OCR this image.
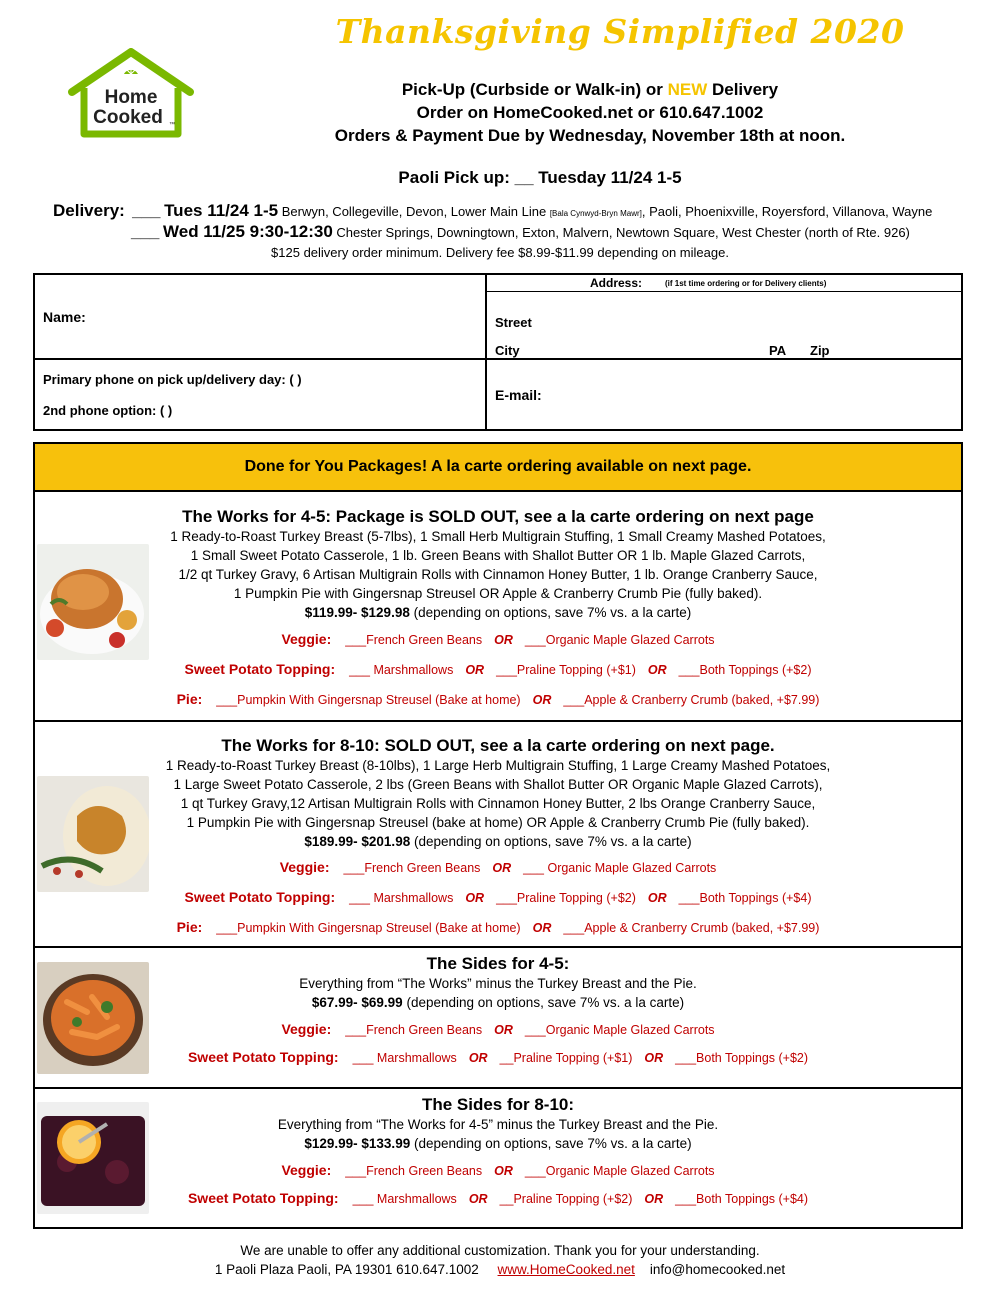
Thanksgiving Simplified 2020
Home
Cooked ™
Pick-Up (Curbside or Walk-in) or NEW Delivery
Order on HomeCooked.net or 610.647.1002
Orders & Payment Due by Wednesday, November 18th at noon.
Paoli Pick up: __ Tuesday 11/24 1-5
Delivery: ___ Tues 11/24 1-5 Berwyn, Collegeville, Devon, Lower Main Line [Bala Cynwyd-Bryn Mawr], Paoli, Phoenixville, Royersford, Villanova, Wayne
___ Wed 11/25 9:30-12:30 Chester Springs, Downingtown, Exton, Malvern, Newtown Square, West Chester (north of Rte. 926)
$125 delivery order minimum. Delivery fee $8.99-$11.99 depending on mileage.
Name:
Address:	(if 1st time ordering or for Delivery clients)
Street
City	PA Zip
Primary phone on pick up/delivery day: ( )
2nd phone option: ( )
E-mail:
Done for You Packages! A la carte ordering available on next page.
The Works for 4-5: Package is SOLD OUT, see a la carte ordering on next page
1 Ready-to-Roast Turkey Breast (5-7lbs), 1 Small Herb Multigrain Stuffing, 1 Small Creamy Mashed Potatoes,
1 Small Sweet Potato Casserole, 1 lb. Green Beans with Shallot Butter OR 1 lb. Maple Glazed Carrots,
1/2 qt Turkey Gravy, 6 Artisan Multigrain Rolls with Cinnamon Honey Butter, 1 lb. Orange Cranberry Sauce,
1 Pumpkin Pie with Gingersnap Streusel OR Apple & Cranberry Crumb Pie (fully baked).
$119.99- $129.98 (depending on options, save 7% vs. a la carte)
Veggie: ___French Green Beans OR ___Organic Maple Glazed Carrots
Sweet Potato Topping: ___ Marshmallows OR ___Praline Topping (+$1) OR ___Both Toppings (+$2)
Pie: ___Pumpkin With Gingersnap Streusel (Bake at home) OR ___Apple & Cranberry Crumb (baked, +$7.99)
The Works for 8-10: SOLD OUT, see a la carte ordering on next page.
1 Ready-to-Roast Turkey Breast (8-10lbs), 1 Large Herb Multigrain Stuffing, 1 Large Creamy Mashed Potatoes,
1 Large Sweet Potato Casserole, 2 lbs (Green Beans with Shallot Butter OR Organic Maple Glazed Carrots),
1 qt Turkey Gravy,12 Artisan Multigrain Rolls with Cinnamon Honey Butter, 2 lbs Orange Cranberry Sauce,
1 Pumpkin Pie with Gingersnap Streusel (bake at home) OR Apple & Cranberry Crumb Pie (fully baked).
$189.99- $201.98 (depending on options, save 7% vs. a la carte)
Veggie: ___French Green Beans OR ___ Organic Maple Glazed Carrots
Sweet Potato Topping: ___ Marshmallows OR ___Praline Topping (+$2) OR ___Both Toppings (+$4)
Pie: ___Pumpkin With Gingersnap Streusel (Bake at home) OR ___Apple & Cranberry Crumb (baked, +$7.99)
The Sides for 4-5:
Everything from “The Works” minus the Turkey Breast and the Pie.
$67.99- $69.99 (depending on options, save 7% vs. a la carte)
Veggie: ___French Green Beans OR ___Organic Maple Glazed Carrots
Sweet Potato Topping: ___ Marshmallows OR __Praline Topping (+$1) OR ___Both Toppings (+$2)
The Sides for 8-10:
Everything from “The Works for 4-5” minus the Turkey Breast and the Pie.
$129.99- $133.99 (depending on options, save 7% vs. a la carte)
Veggie: ___French Green Beans OR ___Organic Maple Glazed Carrots
Sweet Potato Topping: ___ Marshmallows OR __Praline Topping (+$2) OR ___Both Toppings (+$4)
We are unable to offer any additional customization. Thank you for your understanding.
1 Paoli Plaza Paoli, PA 19301 610.647.1002 www.HomeCooked.net info@homecooked.net
